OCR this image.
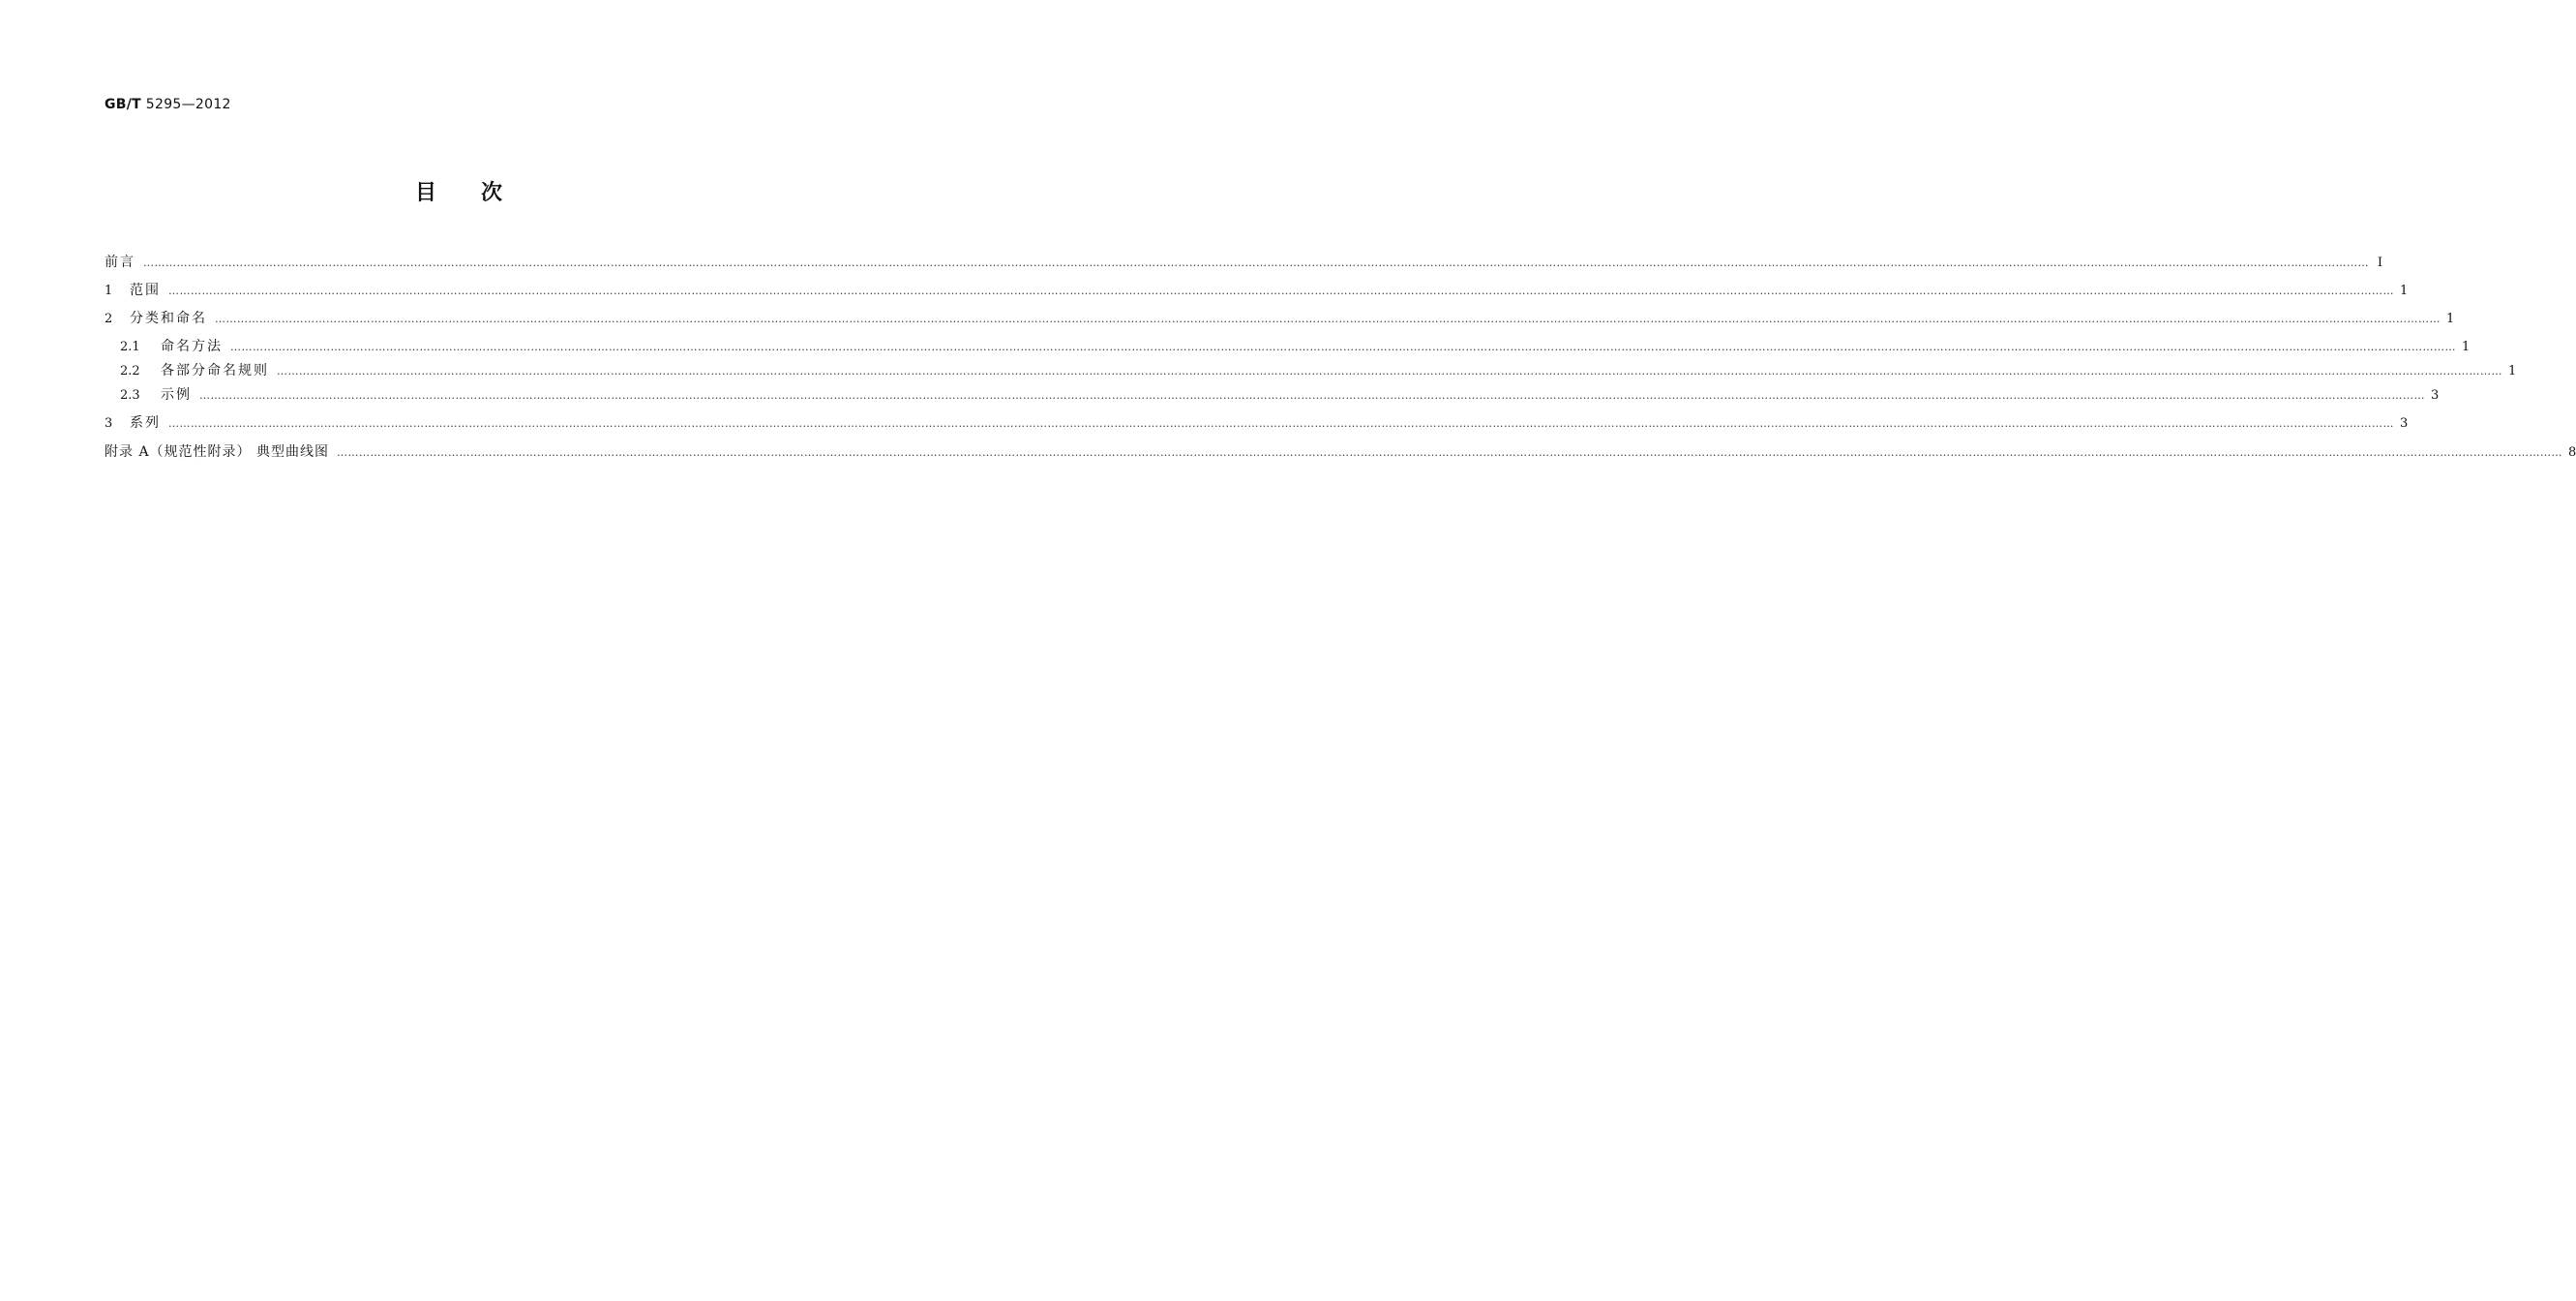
GB/T 5295—2012
目 次
前言 …………………………………………………………………………………………………………………………………………………………………………………………………………………………………………………………………………………………………………………………………………………………………………………………………………………………………………………………………………………………………………………………………………………… Ⅰ
1	范围 …………………………………………………………………………………………………………………………………………………………………………………………………………………………………………………………………………………………………………………………………………………………………………………………………………………………………………………………………………………………………………………………………………………… 1
2	分类和命名 …………………………………………………………………………………………………………………………………………………………………………………………………………………………………………………………………………………………………………………………………………………………………………………………………………………………………………………………………………………………………………………………………………………… 1
2.1	命名方法 …………………………………………………………………………………………………………………………………………………………………………………………………………………………………………………………………………………………………………………………………………………………………………………………………………………………………………………………………………………………………………………………………………………… 1
2.2	各部分命名规则 …………………………………………………………………………………………………………………………………………………………………………………………………………………………………………………………………………………………………………………………………………………………………………………………………………………………………………………………………………………………………………………………………………………… 1
2.3	示例 …………………………………………………………………………………………………………………………………………………………………………………………………………………………………………………………………………………………………………………………………………………………………………………………………………………………………………………………………………………………………………………………………………………… 3
3	系列 …………………………………………………………………………………………………………………………………………………………………………………………………………………………………………………………………………………………………………………………………………………………………………………………………………………………………………………………………………………………………………………………………………………… 3
附录 A（规范性附录） 典型曲线图 …………………………………………………………………………………………………………………………………………………………………………………………………………………………………………………………………………………………………………………………………………………………………………………………………………………………………………………………………………………………………………………………………………………… 8
